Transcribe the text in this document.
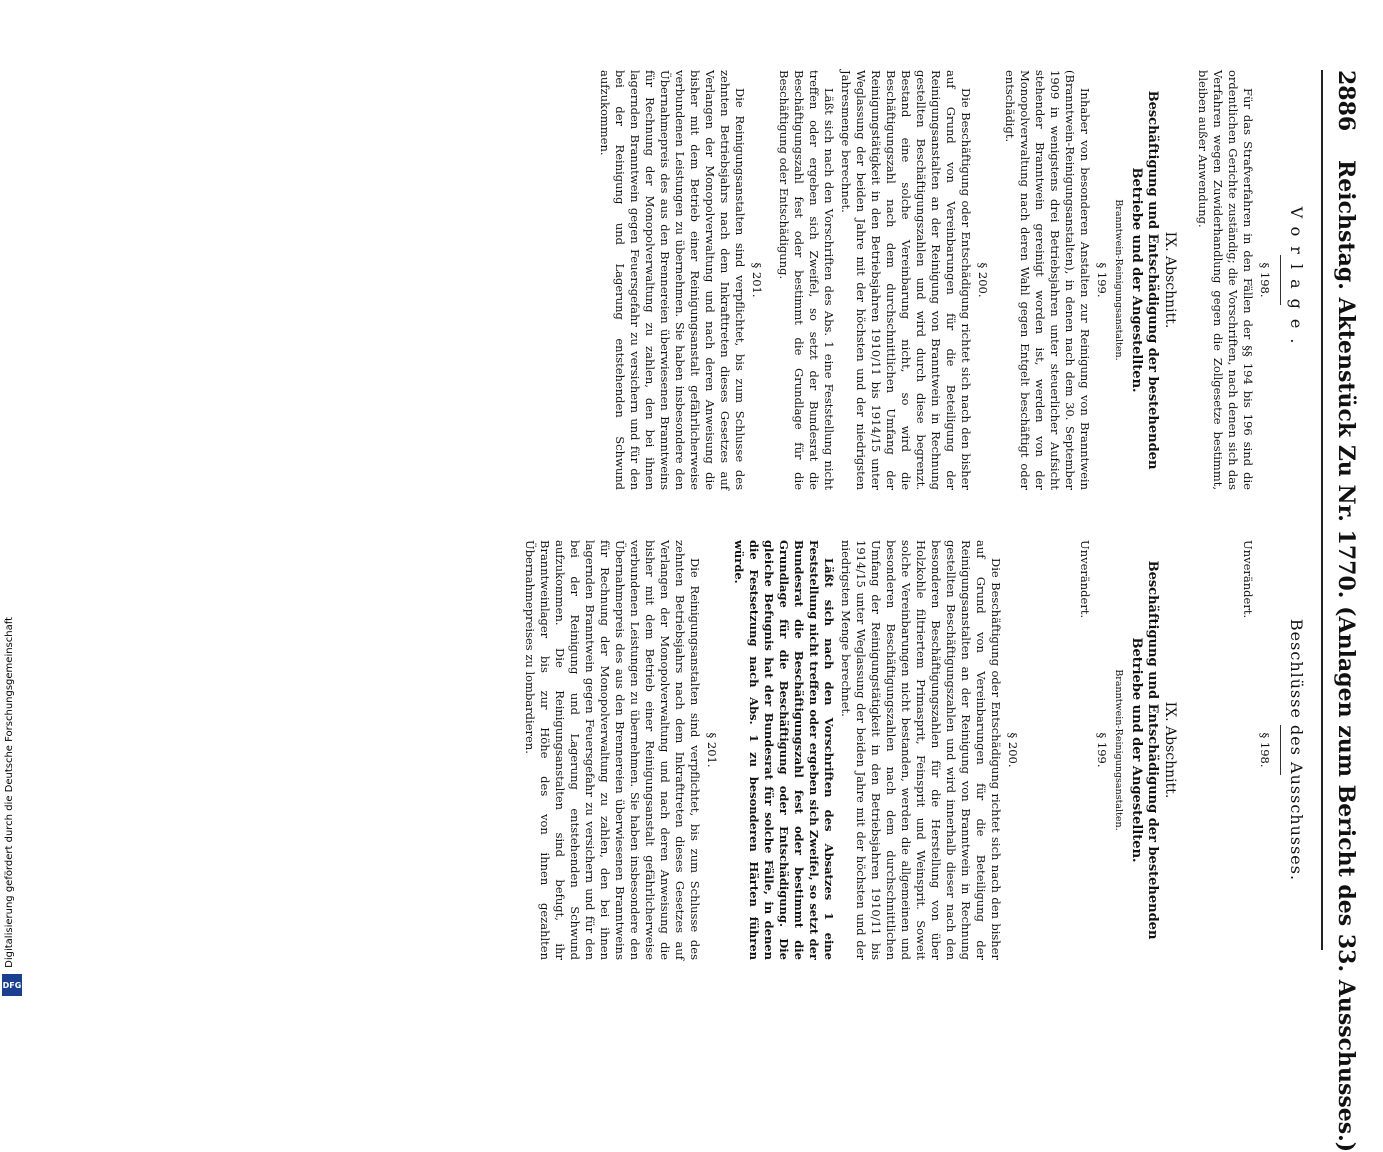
2886
Reichstag. Aktenstück Zu Nr. 1770. (Anlagen zum Bericht des 33. Ausschusses.)

Vorlage.

§ 198.

Für das Strafverfahren in den Fällen der §§ 194 bis 196 sind die ordentlichen Gerichte zuständig; die Vorschriften, nach denen sich das Verfahren wegen Zuwiderhandlung gegen die Zollgesetze bestimmt, bleiben außer Anwendung.

IX. Abschnitt.

Beschäftigung und Entschädigung der bestehenden Betriebe und der Angestellten.

Branntwein-Reinigungsanstalten.

§ 199.

Inhaber von besonderen Anstalten zur Reinigung von Branntwein (Branntwein-Reinigungsanstalten), in denen nach dem 30. September 1909 in wenigstens drei Betriebsjahren unter steuerlicher Aufsicht stehender Branntwein gereinigt worden ist, werden von der Monopolverwaltung nach deren Wahl gegen Entgelt beschäftigt oder entschädigt.

§ 200.

Die Beschäftigung oder Entschädigung richtet sich nach den bisher auf Grund von Vereinbarungen für die Beteiligung der Reinigungsanstalten an der Reinigung von Branntwein in Rechnung gestellten Beschäftigungszahlen und wird durch diese begrenzt. Bestand eine solche Vereinbarung nicht, so wird die Beschäftigungszahl nach dem durchschnittlichen Umfang der Reinigungstätigkeit in den Betriebsjahren 1910/11 bis 1914/15 unter Weglassung der beiden Jahre mit der höchsten und der niedrigsten Jahresmenge berechnet.

Läßt sich nach den Vorschriften des Abs. 1 eine Feststellung nicht treffen oder ergeben sich Zweifel, so setzt der Bundesrat die Beschäftigungszahl fest oder bestimmt die Grundlage für die Beschäftigung oder Entschädigung.

§ 201.

Die Reinigungsanstalten sind verpflichtet, bis zum Schlusse des zehnten Betriebsjahrs nach dem Inkrafttreten dieses Gesetzes auf Verlangen der Monopolverwaltung und nach deren Anweisung die bisher mit dem Betrieb einer Reinigungsanstalt gefährlicherweise verbundenen Leistungen zu übernehmen. Sie haben insbesondere den Übernahmepreis des aus den Brennereien überwiesenen Branntweins für Rechnung der Monopolverwaltung zu zahlen, den bei ihnen lagernden Branntwein gegen Feuersgefahr zu versichern und für den bei der Reinigung und Lagerung entstehenden Schwund aufzukommen.

Beschlüsse des Ausschusses.

§ 198.

Unverändert.

IX. Abschnitt.

Beschäftigung und Entschädigung der bestehenden Betriebe und der Angestellten.

Branntwein-Reinigungsanstalten.

§ 199.

Unverändert.

§ 200.

Die Beschäftigung oder Entschädigung richtet sich nach den bisher auf Grund von Vereinbarungen für die Beteiligung der Reinigungsanstalten an der Reinigung von Branntwein in Rechnung gestellten Beschäftigungszahlen und wird innerhalb dieser nach den besonderen Beschäftigungszahlen für die Herstellung von über Holzkohle filtriertem Primasprit, Feinsprit und Weinsprit. Soweit solche Vereinbarungen nicht bestanden, werden die allgemeinen und besonderen Beschäftigungszahlen nach dem durchschnittlichen Umfang der Reinigungstätigkeit in den Betriebsjahren 1910/11 bis 1914/15 unter Weglassung der beiden Jahre mit der höchsten und der niedrigsten Menge berechnet.

Läßt sich nach den Vorschriften des Absatzes 1 eine Feststellung nicht treffen oder ergeben sich Zweifel, so setzt der Bundesrat die Beschäftigungszahl fest oder bestimmt die Grundlage für die Beschäftigung oder Entschädigung. Die gleiche Befugnis hat der Bundesrat für solche Fälle, in denen die Festsetzung nach Abs. 1 zu besonderen Härten führen würde.

§ 201.

Die Reinigungsanstalten sind verpflichtet, bis zum Schlusse des zehnten Betriebsjahrs nach dem Inkrafttreten dieses Gesetzes auf Verlangen der Monopolverwaltung und nach deren Anweisung die bisher mit dem Betrieb einer Reinigungsanstalt gefährlicherweise verbundenen Leistungen zu übernehmen. Sie haben insbesondere den Übernahmepreis des aus den Brennereien überwiesenen Branntweins für Rechnung der Monopolverwaltung zu zahlen, den bei ihnen lagernden Branntwein gegen Feuersgefahr zu versichern und für den bei der Reinigung und Lagerung entstehenden Schwund aufzukommen. Die Reinigungsanstalten sind befugt, ihr Branntweinlager bis zur Höhe des von ihnen gezahlten Übernahmepreises zu lombardieren.

Digitalisierung gefördert durch die Deutsche Forschungsgemeinschaft
DFG
